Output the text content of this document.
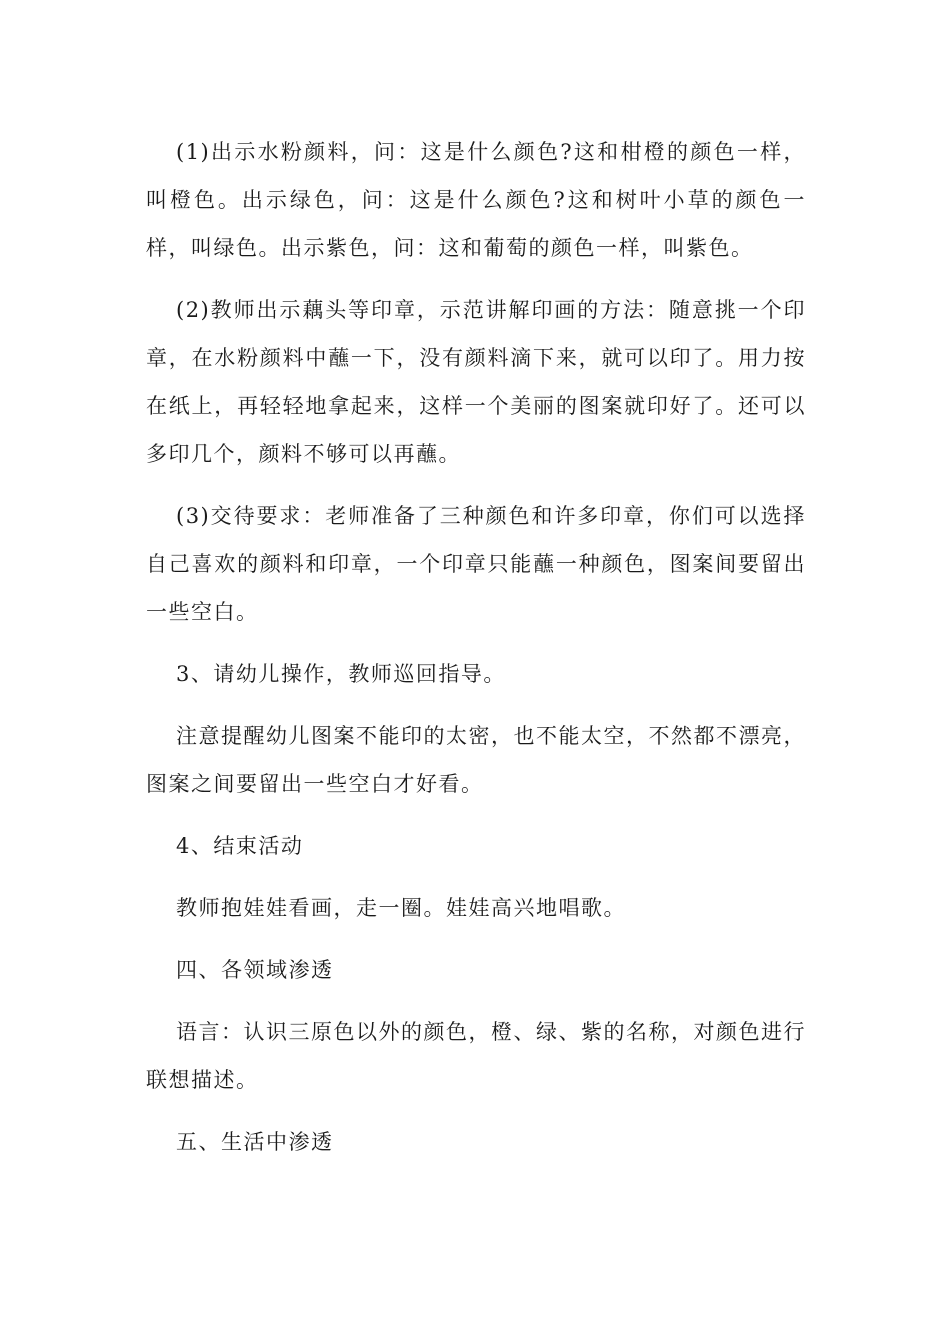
(1)出示水粉颜料，问：这是什么颜色?这和柑橙的颜色一样，叫橙色。出示绿色，问：这是什么颜色?这和树叶小草的颜色一样，叫绿色。出示紫色，问：这和葡萄的颜色一样，叫紫色。

(2)教师出示藕头等印章，示范讲解印画的方法：随意挑一个印章，在水粉颜料中蘸一下，没有颜料滴下来，就可以印了。用力按在纸上，再轻轻地拿起来，这样一个美丽的图案就印好了。还可以多印几个，颜料不够可以再蘸。

(3)交待要求：老师准备了三种颜色和许多印章，你们可以选择自己喜欢的颜料和印章，一个印章只能蘸一种颜色，图案间要留出一些空白。

3、请幼儿操作，教师巡回指导。

注意提醒幼儿图案不能印的太密，也不能太空，不然都不漂亮，图案之间要留出一些空白才好看。

4、结束活动

教师抱娃娃看画，走一圈。娃娃高兴地唱歌。

四、各领域渗透

语言：认识三原色以外的颜色，橙、绿、紫的名称，对颜色进行联想描述。

五、生活中渗透
